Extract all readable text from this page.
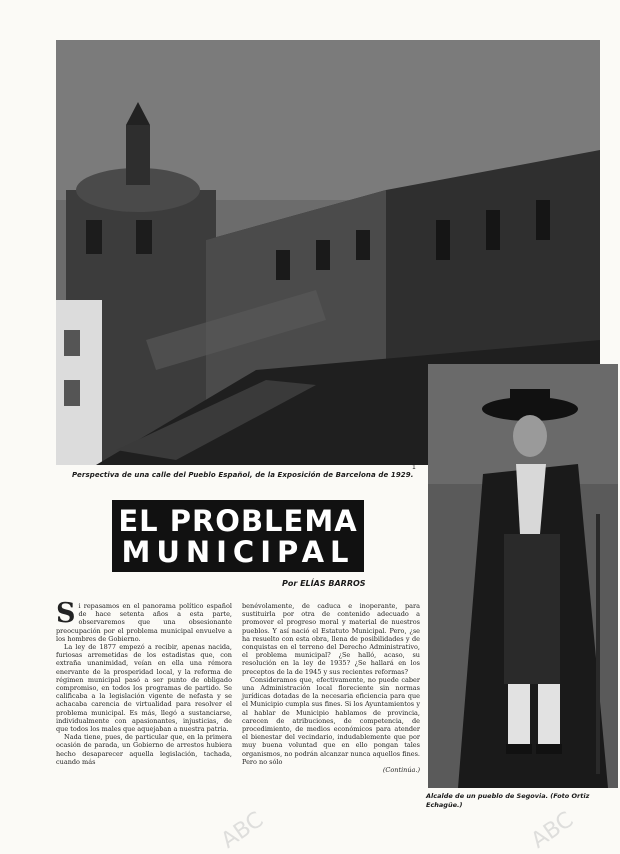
1
Perspectiva de una calle del Pueblo Español, de la Exposición de Barcelona de 1929.
Alcalde de un pueblo de Segovia. (Foto Ortiz Echagüe.)
EL PROBLEMA
MUNICIPAL
Por ELÍAS BARROS

Si repasamos en el panorama político español de hace setenta años a esta parte, observaremos que una obsesionante preocupación por el problema municipal envuelve a los hombres de Gobierno.

La ley de 1877 empezó a recibir, apenas nacida, furiosas arremetidas de los estadistas que, con extraña unanimidad, veían en ella una rémora enervante de la prosperidad local, y la reforma de régimen municipal pasó a ser punto de obligado compromiso, en todos los programas de partido. Se calificaba a la legislación vigente de nefasta y se achacaba carencia de virtualidad para resolver el problema municipal. Es más, llegó a sustanciarse, individualmente con apasionantes, injusticias, de que todos los males que aquejaban a nuestra patria.

Nada tiene, pues, de particular que, en la primera ocasión de parada, un Gobierno de arrestos hubiera hecho desaparecer aquella legislación, tachada, cuando más

benévolamente, de caduca e inoperante, para sustituirla por otra de contenido adecuado a promover el progreso moral y material de nuestros pueblos. Y así nació el Estatuto Municipal. Pero, ¿se ha resuelto con esta obra, llena de posibilidades y de conquistas en el terreno del Derecho Administrativo, el problema municipal? ¿Se halló, acaso, su resolución en la ley de 1935? ¿Se hallará en los preceptos de la de 1945 y sus recientes reformas?

Consideramos que, efectivamente, no puede caber una Administración local floreciente sin normas jurídicas dotadas de la necesaria eficiencia para que el Municipio cumpla sus fines. Si los Ayuntamientos y al hablar de Municipio hablamos de provincia, carecen de atribuciones, de competencia, de procedimiento, de medios económicos para atender el bienestar del vecindario, indudablemente que por muy buena voluntad que en ello pongan tales organismos, no podrán alcanzar nunca aquellos fines. Pero no sólo

(Continúa.)

ABC	ABC
